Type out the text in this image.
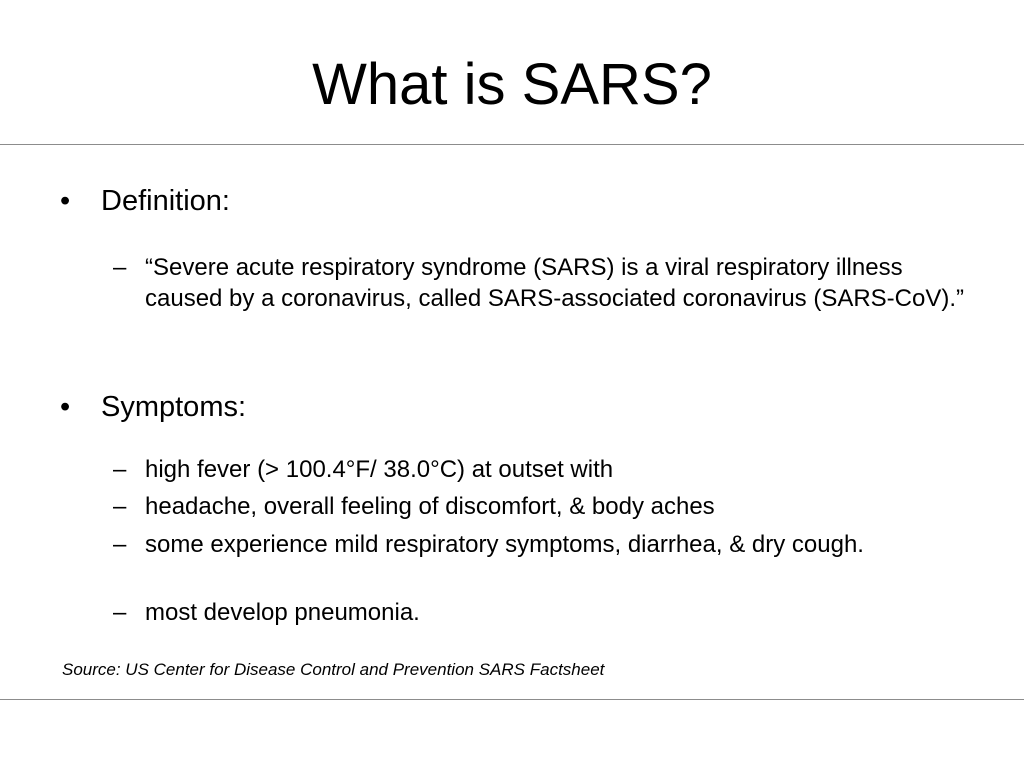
What is SARS?
• Definition:
– “Severe acute respiratory syndrome (SARS) is a viral respiratory illness caused by a coronavirus, called SARS-associated coronavirus (SARS-CoV).”
• Symptoms:
– high fever (> 100.4°F/ 38.0°C) at outset with
– headache, overall feeling of discomfort, & body aches
– some experience mild respiratory symptoms, diarrhea, & dry cough.
– most develop pneumonia.
Source: US Center for Disease Control and Prevention SARS Factsheet
